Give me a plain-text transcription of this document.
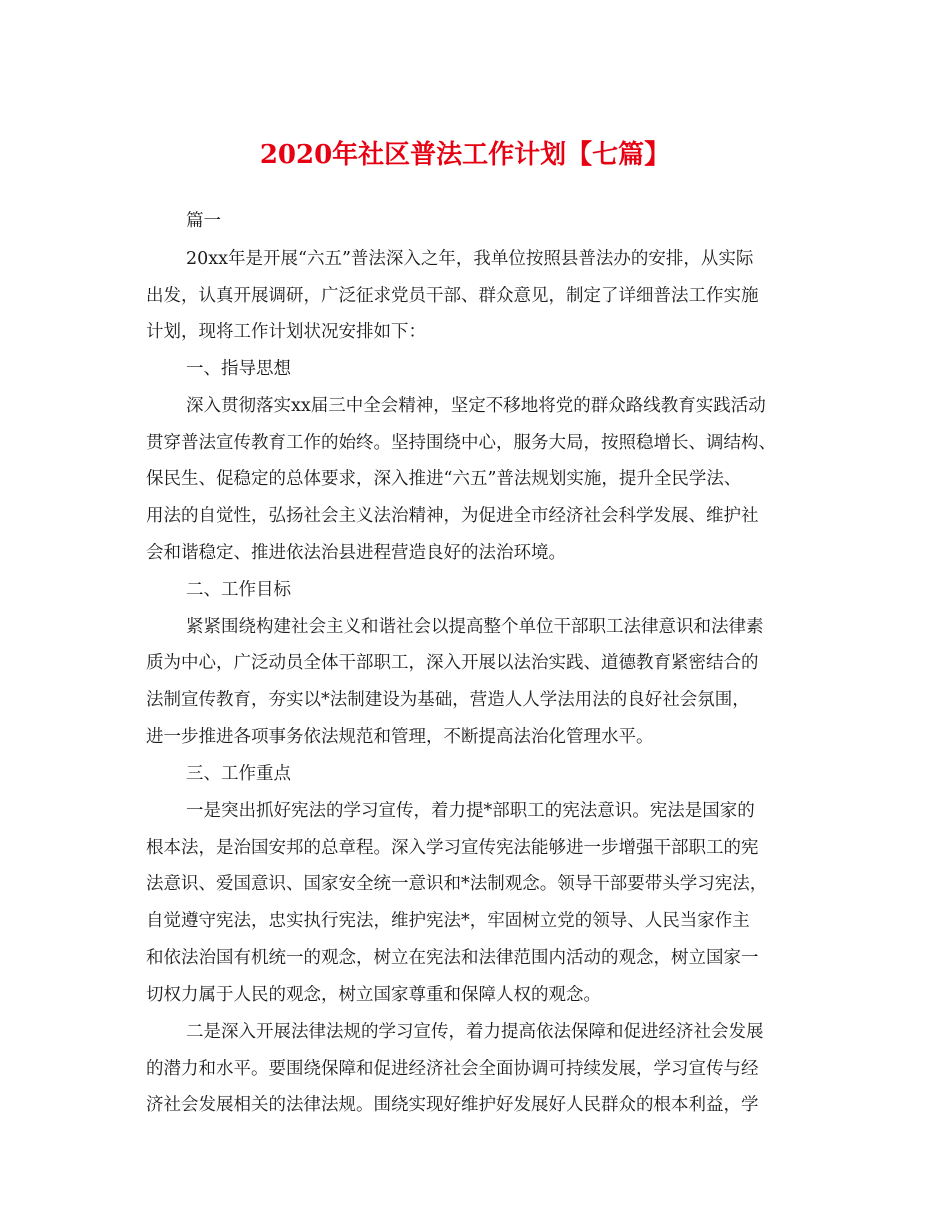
2020年社区普法工作计划【七篇】

篇一

20xx年是开展“六五”普法深入之年，我单位按照县普法办的安排，从实际

出发，认真开展调研，广泛征求党员干部、群众意见，制定了详细普法工作实施

计划，现将工作计划状况安排如下：

一、指导思想

深入贯彻落实xx届三中全会精神，坚定不移地将党的群众路线教育实践活动

贯穿普法宣传教育工作的始终。坚持围绕中心，服务大局，按照稳增长、调结构、

保民生、促稳定的总体要求，深入推进“六五”普法规划实施，提升全民学法、

用法的自觉性，弘扬社会主义法治精神，为促进全市经济社会科学发展、维护社

会和谐稳定、推进依法治县进程营造良好的法治环境。

二、工作目标

紧紧围绕构建社会主义和谐社会以提高整个单位干部职工法律意识和法律素

质为中心，广泛动员全体干部职工，深入开展以法治实践、道德教育紧密结合的

法制宣传教育，夯实以*法制建设为基础，营造人人学法用法的良好社会氛围，

进一步推进各项事务依法规范和管理，不断提高法治化管理水平。

三、工作重点

一是突出抓好宪法的学习宣传，着力提*部职工的宪法意识。宪法是国家的

根本法，是治国安邦的总章程。深入学习宣传宪法能够进一步增强干部职工的宪

法意识、爱国意识、国家安全统一意识和*法制观念。领导干部要带头学习宪法，

自觉遵守宪法，忠实执行宪法，维护宪法*，牢固树立党的领导、人民当家作主

和依法治国有机统一的观念，树立在宪法和法律范围内活动的观念，树立国家一

切权力属于人民的观念，树立国家尊重和保障人权的观念。

二是深入开展法律法规的学习宣传，着力提高依法保障和促进经济社会发展

的潜力和水平。要围绕保障和促进经济社会全面协调可持续发展，学习宣传与经

济社会发展相关的法律法规。围绕实现好维护好发展好人民群众的根本利益，学
